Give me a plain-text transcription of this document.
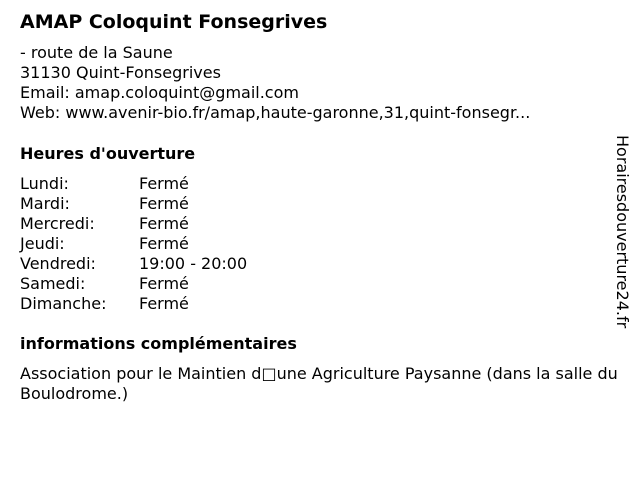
AMAP Coloquint Fonsegrives
- route de la Saune
31130 Quint-Fonsegrives
Email: amap.coloquint@gmail.com
Web: www.avenir-bio.fr/amap,haute-garonne,31,quint-fonsegr...
Heures d'ouverture
Lundi:	Fermé
Mardi:	Fermé
Mercredi:	Fermé
Jeudi:	Fermé
Vendredi:	19:00 - 20:00
Samedi:	Fermé
Dimanche: Fermé
informations complémentaires
Association pour le Maintien d□une Agriculture Paysanne (dans la salle du Boulodrome.)
Horairesdouverture24.fr
